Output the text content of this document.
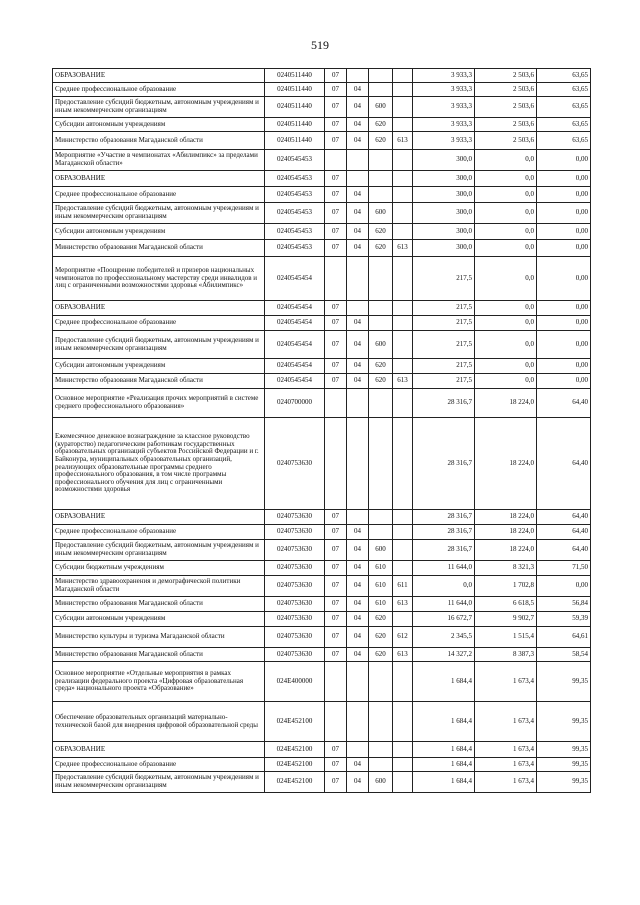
519
ОБРАЗОВАНИЕ	0240511440	07				3 933,3	2 503,6	63,65
Среднее профессиональное образование	0240511440	07	04			3 933,3	2 503,6	63,65
Предоставление субсидий бюджетным, автономным учреждениям и иным некоммерческим организациям	0240511440	07	04	600		3 933,3	2 503,6	63,65
Субсидии автономным учреждениям	0240511440	07	04	620		3 933,3	2 503,6	63,65
Министерство образования Магаданской области	0240511440	07	04	620	613	3 933,3	2 503,6	63,65
Мероприятие «Участие в чемпионатах «Абилимпикс» за пределами Магаданской области»	0240545453					300,0	0,0	0,00
ОБРАЗОВАНИЕ	0240545453	07				300,0	0,0	0,00
Среднее профессиональное образование	0240545453	07	04			300,0	0,0	0,00
Предоставление субсидий бюджетным, автономным учреждениям и иным некоммерческим организациям	0240545453	07	04	600		300,0	0,0	0,00
Субсидии автономным учреждениям	0240545453	07	04	620		300,0	0,0	0,00
Министерство образования Магаданской области	0240545453	07	04	620	613	300,0	0,0	0,00
Мероприятие «Поощрение победителей и призеров национальных чемпионатов по профессиональному мастерству среди инвалидов и лиц с ограниченными возможностями здоровья «Абилимпикс»	0240545454					217,5	0,0	0,00
ОБРАЗОВАНИЕ	0240545454	07				217,5	0,0	0,00
Среднее профессиональное образование	0240545454	07	04			217,5	0,0	0,00
Предоставление субсидий бюджетным, автономным учреждениям и иным некоммерческим организациям	0240545454	07	04	600		217,5	0,0	0,00
Субсидии автономным учреждениям	0240545454	07	04	620		217,5	0,0	0,00
Министерство образования Магаданской области	0240545454	07	04	620	613	217,5	0,0	0,00
Основное мероприятие «Реализация прочих мероприятий в системе среднего профессионального образования»	0240700000					28 316,7	18 224,0	64,40
Ежемесячное денежное вознаграждение за классное руководство (кураторство) педагогическим работникам государственных образовательных организаций субъектов Российской Федерации и г. Байконура, муниципальных образовательных организаций, реализующих образовательные программы среднего профессионального образования, в том числе программы профессионального обучения для лиц с ограниченными возможностями здоровья	0240753630					28 316,7	18 224,0	64,40
ОБРАЗОВАНИЕ	0240753630	07				28 316,7	18 224,0	64,40
Среднее профессиональное образование	0240753630	07	04			28 316,7	18 224,0	64,40
Предоставление субсидий бюджетным, автономным учреждениям и иным некоммерческим организациям	0240753630	07	04	600		28 316,7	18 224,0	64,40
Субсидии бюджетным учреждениям	0240753630	07	04	610		11 644,0	8 321,3	71,50
Министерство здравоохранения и демографической политики Магаданской области	0240753630	07	04	610	611	0,0	1 702,8	0,00
Министерство образования Магаданской области	0240753630	07	04	610	613	11 644,0	6 618,5	56,84
Субсидии автономным учреждениям	0240753630	07	04	620		16 672,7	9 902,7	59,39
Министерство культуры и туризма Магаданской области	0240753630	07	04	620	612	2 345,5	1 515,4	64,61
Министерство образования Магаданской области	0240753630	07	04	620	613	14 327,2	8 387,3	58,54
Основное мероприятие «Отдельные мероприятия в рамках реализации федерального проекта «Цифровая образовательная среда» национального проекта «Образование»	024E400000					1 684,4	1 673,4	99,35
Обеспечение образовательных организаций материально-технической базой для внедрения цифровой образовательной среды	024E452100					1 684,4	1 673,4	99,35
ОБРАЗОВАНИЕ	024E452100	07				1 684,4	1 673,4	99,35
Среднее профессиональное образование	024E452100	07	04			1 684,4	1 673,4	99,35
Предоставление субсидий бюджетным, автономным учреждениям и иным некоммерческим организациям	024E452100	07	04	600		1 684,4	1 673,4	99,35
